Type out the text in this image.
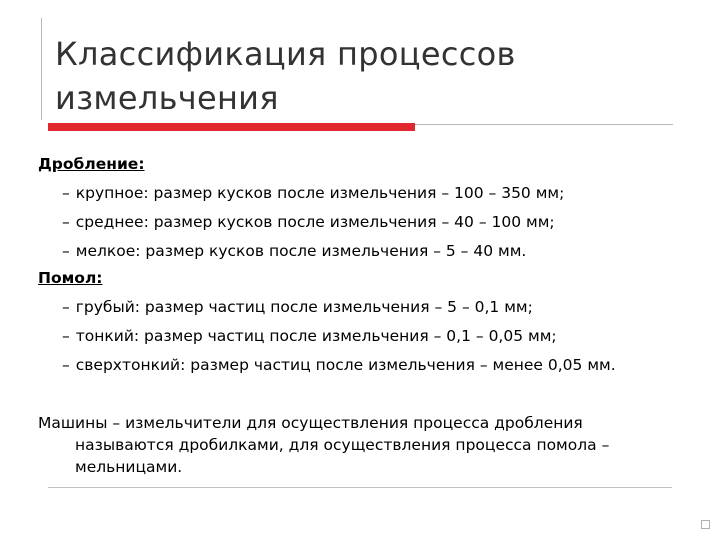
Классификация процессов
измельчения
Дробление:
– крупное: размер кусков после измельчения – 100 – 350 мм;
– среднее: размер кусков после измельчения – 40 – 100 мм;
– мелкое: размер кусков после измельчения – 5 – 40 мм.
Помол:
– грубый: размер частиц после измельчения – 5 – 0,1 мм;
– тонкий: размер частиц после измельчения – 0,1 – 0,05 мм;
– сверхтонкий: размер частиц после измельчения – менее 0,05 мм.

Машины – измельчители для осуществления процесса дробления
называются дробилками, для осуществления процесса помола –
мельницами.
